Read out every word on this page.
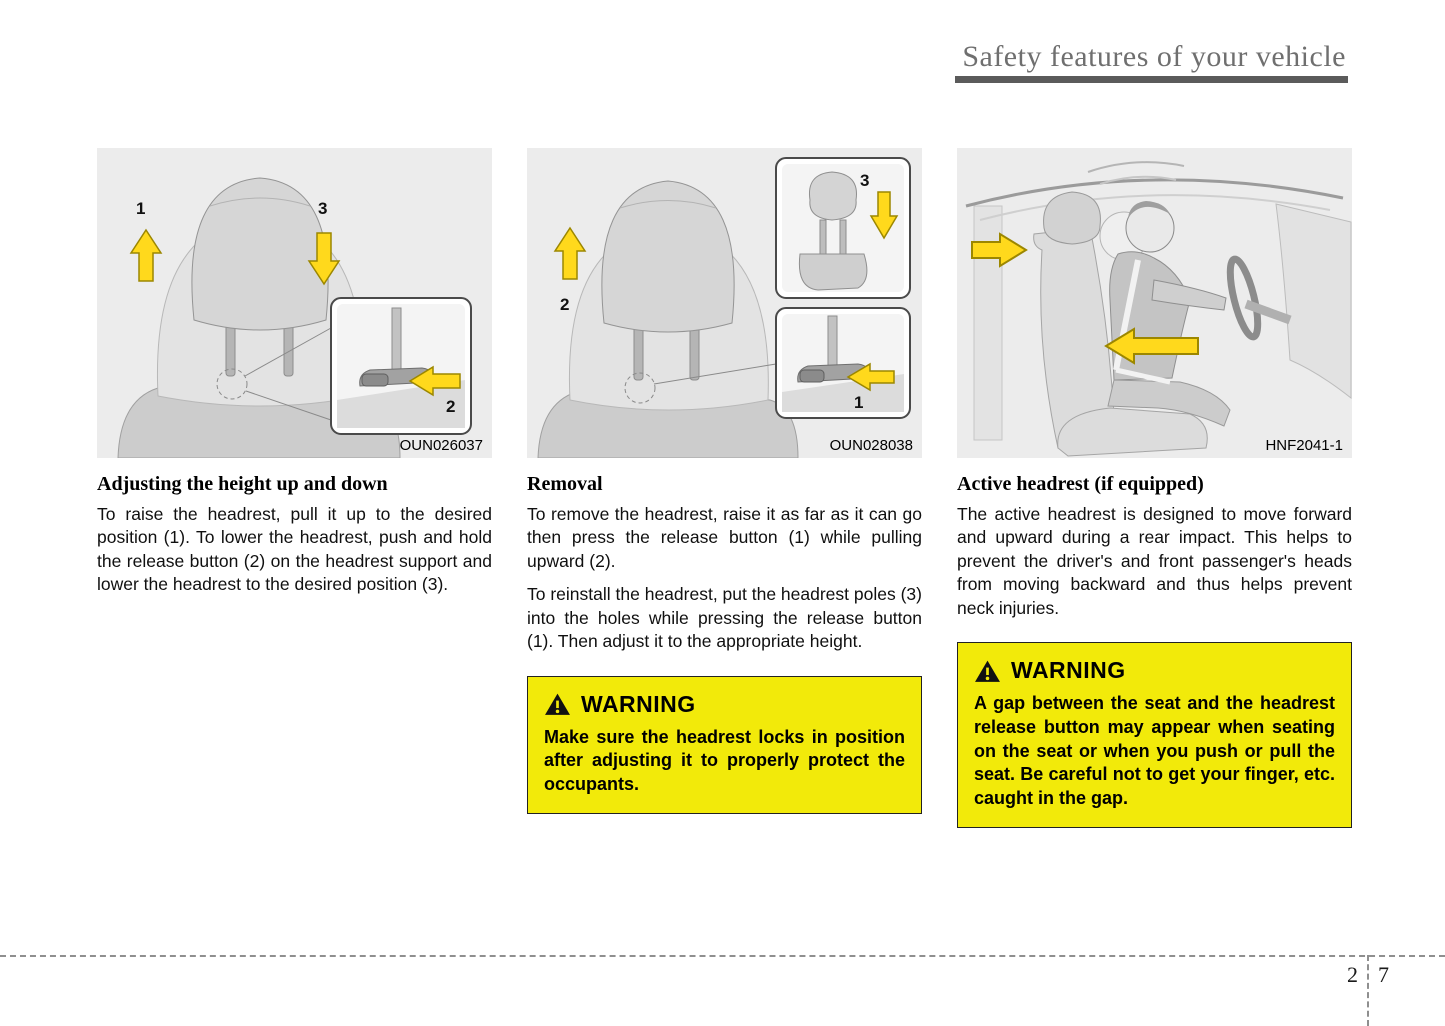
Safety features of your vehicle
1	3
2
OUN026037
Adjusting the height up and down

To raise the headrest, pull it up to the desired position (1). To lower the headrest, push and hold the release button (2) on the headrest support and lower the headrest to the desired position (3).

2
3
1
OUN028038
Removal

To remove the headrest, raise it as far as it can go then press the release button (1) while pulling upward (2).

To reinstall the headrest, put the headrest poles (3) into the holes while pressing the release button (1). Then adjust it to the appropriate height.

WARNING

Make sure the headrest locks in position after adjusting it to properly protect the occupants.

HNF2041-1
Active headrest (if equipped)

The active headrest is designed to move forward and upward during a rear impact. This helps to prevent the driver's and front passenger's heads from moving backward and thus helps prevent neck injuries.

WARNING

A gap between the seat and the headrest release button may appear when seating on the seat or when you push or pull the seat. Be careful not to get your finger, etc. caught in the gap.

2 7
